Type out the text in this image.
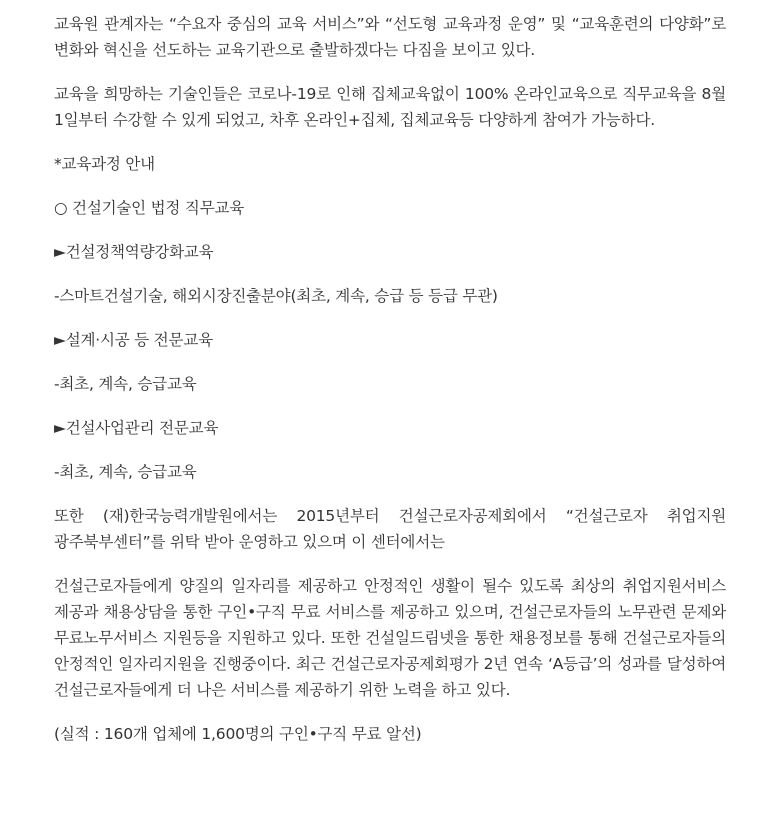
교육원 관계자는 “수요자 중심의 교육 서비스”와 “선도형 교육과정 운영” 및 “교육훈련의 다양화”로 변화와 혁신을 선도하는 교육기관으로 출발하겠다는 다짐을 보이고 있다.

교육을 희망하는 기술인들은 코로나-19로 인해 집체교육없이 100% 온라인교육으로 직무교육을 8월 1일부터 수강할 수 있게 되었고, 차후 온라인+집체, 집체교육등 다양하게 참여가 가능하다.

*교육과정 안내

○ 건설기술인 법정 직무교육

►건설정책역량강화교육

-스마트건설기술, 해외시장진출분야(최초, 계속, 승급 등 등급 무관)

►설계·시공 등 전문교육

-최초, 계속, 승급교육

►건설사업관리 전문교육

-최초, 계속, 승급교육

또한 (재)한국능력개발원에서는 2015년부터 건설근로자공제회에서 “건설근로자 취업지원 광주북부센터”를 위탁 받아 운영하고 있으며 이 센터에서는

건설근로자들에게 양질의 일자리를 제공하고 안정적인 생활이 될수 있도록 최상의 취업지원서비스 제공과 채용상담을 통한 구인•구직 무료 서비스를 제공하고 있으며, 건설근로자들의 노무관련 문제와 무료노무서비스 지원등을 지원하고 있다. 또한 건설일드림넷을 통한 채용정보를 통해 건설근로자들의 안정적인 일자리지원을 진행중이다. 최근 건설근로자공제회평가 2년 연속 ‘A등급’의 성과를 달성하여 건설근로자들에게 더 나은 서비스를 제공하기 위한 노력을 하고 있다.

(실적 : 160개 업체에 1,600명의 구인•구직 무료 알선)
